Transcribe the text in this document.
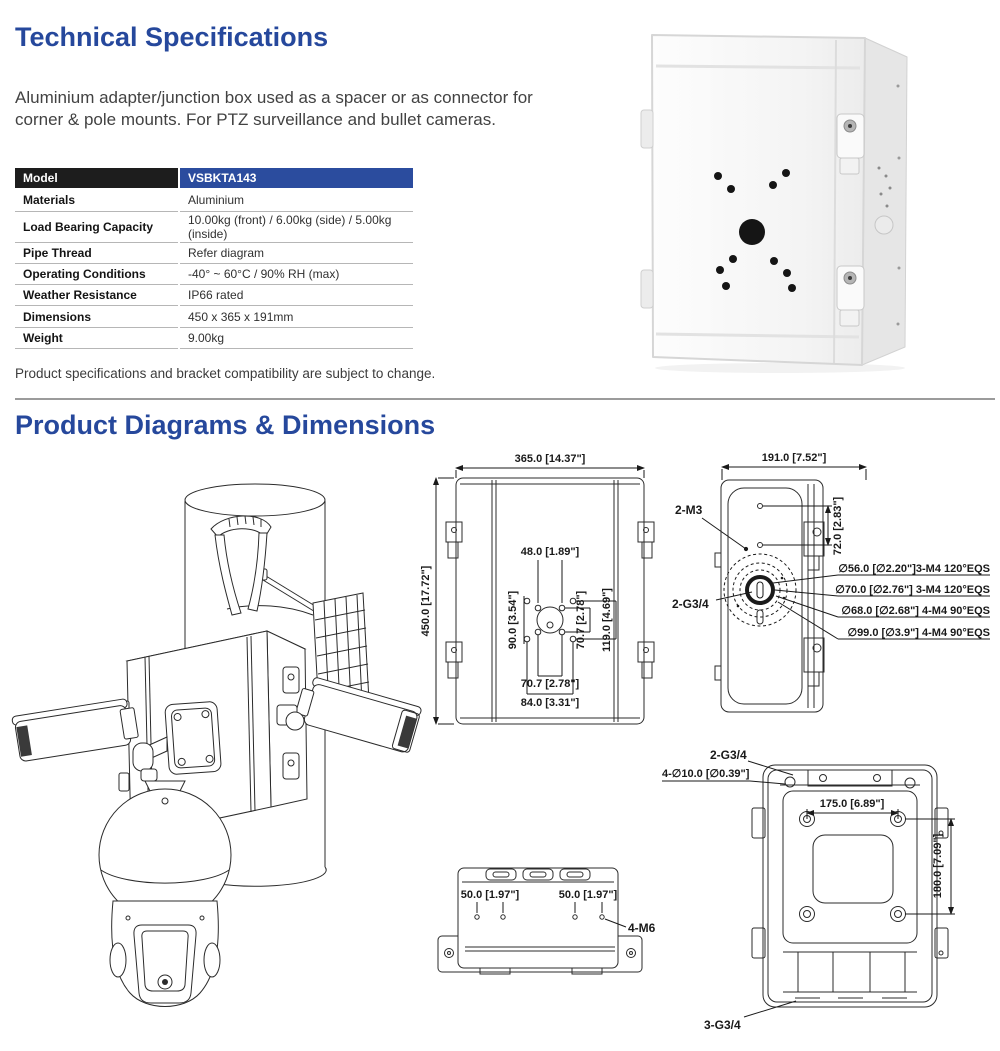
Technical Specifications
Aluminium adapter/junction box used as a spacer or as connector for
corner & pole mounts. For PTZ surveillance and bullet cameras.
Model	VSBKTA143
Materials	Aluminium
Load Bearing Capacity	10.00kg (front) / 6.00kg (side) / 5.00kg (inside)
Pipe Thread	Refer diagram
Operating Conditions	-40° ~ 60°C / 90% RH (max)
Weather Resistance	IP66 rated
Dimensions	450 x 365 x 191mm
Weight	9.00kg
Product specifications and bracket compatibility are subject to change.
Product Diagrams & Dimensions
365.0 [14.37"]
450.0 [17.72"]
48.0 [1.89"]
90.0 [3.54"]	70.7 [2.78"] 119.0 [4.69"]
70.7 [2.78"]
84.0 [3.31"]
191.0 [7.52"]
72.0 [2.83"]
2-M3
2-G3/4
∅56.0 [∅2.20"]3-M4 120°EQS
∅70.0 [∅2.76"] 3-M4 120°EQS
∅68.0 [∅2.68"] 4-M4 90°EQS
∅99.0 [∅3.9"] 4-M4 90°EQS
50.0 [1.97"]	50.0 [1.97"]
4-M6
2-G3/4
4-∅10.0 [∅0.39"]
175.0 [6.89"]
180.0 [7.09"]
3-G3/4
